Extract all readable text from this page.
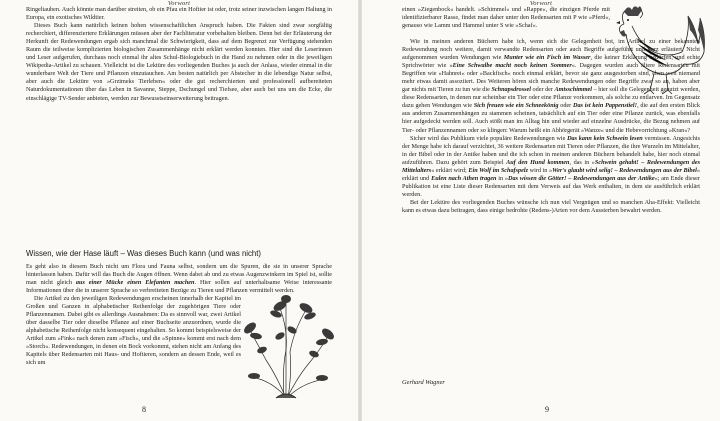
Vorwort

Ringeltauben. Auch könnte man darüber streiten, ob ein Pfau ein Hoftier ist oder, trotz seiner inzwischen langen Haltung in Europa, ein exotisches Wildtier.

Dieses Buch kann natürlich keinen hohen wissenschaftlichen Anspruch haben. Die Fakten sind zwar sorgfältig recherchiert, differenziertere Erklärungen müssen aber der Fachliteratur vorbehalten bleiben. Denn bei der Erläuterung der Herkunft der Redewendungen ergab sich manchmal die Schwierigkeit, dass auf dem Begrenzt zur Verfügung stehenden Raum die teilweise komplizierten biologischen Zusammenhänge nicht erklärt werden konnten. Hier sind die Leserinnen und Leser aufgerufen, durchaus noch einmal ihr altes Schul-Biologiebuch in die Hand zu nehmen oder in die jeweiligen Wikipedia-Artikel zu schauen. Vielleicht ist die Lektüre des vorliegenden Buches ja auch der Anlass, wieder einmal in die wunderbare Welt der Tiere und Pflanzen einzutauchen. Am besten natürlich per Abstecher in die lebendige Natur selbst, aber auch die Lektüre von »Grzimeks Tierleben« oder die gut recherchierten und professionell aufbereiteten Naturdokumentationen über das Leben in Savanne, Steppe, Dschungel und Tiefsee, aber auch bei uns um die Ecke, die einschlägige TV-Sender anbieten, werden zur Bewusstseinserweiterung beitragen.

Wissen, wie der Hase läuft – Was dieses Buch kann (und was nicht)

Es geht also in diesem Buch nicht um Flora und Fauna selbst, sondern um die Spuren, die sie in unserer Sprache hinterlassen haben. Dafür will das Buch die Augen öffnen. Wenn dabei ab und zu etwas Augenzwinkern im Spiel ist, sollte man nicht gleich aus einer Mücke einen Elefanten machen. Hier sollen auf unterhaltsame Weise interessante Informationen über die in unserer Sprache so verbreiteten Bezüge zu Tieren und Pflanzen vermittelt werden.

Die Artikel zu den jeweiligen Redewendungen erscheinen innerhalb der Kapitel im Großen und Ganzen in alphabetischer Reihenfolge der zugehörigen Tiere oder Pflanzennamen. Dabei gibt es allerdings Ausnahmen: Da es sinnvoll war, zwei Artikel über dasselbe Tier oder dieselbe Pflanze auf einer Buchseite anzuordnen, wurde die alphabetische Reihenfolge nicht konsequent eingehalten. So kommt beispielsweise der Artikel zum »Fink« nach denen zum »Fisch«, und die »Spinne« kommt erst nach dem »Storch«. Redewendungen, in denen ein Bock vorkommt, stehen nicht am Anfang des Kapitels über Redensarten mit Haus- und Hoftieren, sondern an dessen Ende, weil es sich um

8
Vorwort

einen »Ziegenbock« handelt. »Schimmel« und »Rappe«, die einzigen Pferde mit identifizierbarer Rasse, findet man daher unter den Redensarten mit P wie »Pferd«, genauso wie Lamm und Hammel unter S wie »Schaf«.

Wie in meinen anderen Büchern habe ich, wenn sich die Gelegenheit bot, im Artikel zu einer bekannten Redewendung noch weitere, damit verwandte Redensarten oder auch Begriffe aufgeführt und kurz erläutert. Nicht aufgenommen wurden Wendungen wie Munter wie ein Fisch im Wasser, die keiner Erklärung bedürfen, und echte Sprichwörter wie »Eine Schwalbe macht noch keinen Sommer«. Dagegen wurden auch ältere Redensarten mit Begriffen wie »Hahnrei« oder »Backfisch« noch einmal erklärt, bevor sie ganz ausgestorben sind, eben weil niemand mehr etwas damit assoziiert. Des Weiteren hören sich manche Redewendungen oder Begriffe zwar so an, haben aber gar nichts mit Tieren zu tun wie die Schnapsdrossel oder der Amtsschimmel – hier soll die Gelegenheit genutzt werden, diese Redensarten, in denen nur scheinbar ein Tier oder eine Pflanze vorkommen, als solche zu entlarven. Im Gegensatz dazu gehen Wendungen wie Sich freuen wie ein Schneekönig oder Das ist kein Pappenstiel!, die auf den ersten Blick aus anderen Zusammenhängen zu stammen scheinen, tatsächlich auf ein Tier oder eine Pflanze zurück, was ebenfalls hier aufgedeckt werden soll. Auch stößt man im Alltag hin und wieder auf einzelne Ausdrücke, die Bezug nehmen auf Tier- oder Pflanzennamen oder so klingen: Warum heißt ein Abhörgerät »Wanze« und die Hebevorrichtung »Kran«?

Sicher wird das Publikum viele populäre Redewendungen wie Das kann kein Schwein lesen vermissen. Angesichts der Menge habe ich darauf verzichtet, 36 weitere Redensarten mit Tieren oder Pflanzen, die ihre Wurzeln im Mittelalter, in der Bibel oder in der Antike haben und die ich schon in meinen anderen Büchern behandelt habe, hier noch einmal aufzuführen. Dazu gehört zum Beispiel Auf den Hund kommen, das in »Schwein gehabt! – Redewendungen des Mittelalters« erklärt wird; Ein Wolf im Schafspelz wird in »Wer's glaubt wird selig! – Redewendungen aus der Bibel« erklärt und Eulen nach Athen tragen in »Das wissen die Götter! – Redewendungen aus der Antike«; am Ende dieser Publikation ist eine Liste dieser Redensarten mit dem Verweis auf das Werk enthalten, in dem sie ausführlich erklärt werden.

Bei der Lektüre des vorliegenden Buches wünsche ich nun viel Vergnügen und so manchen Aha-Effekt: Vielleicht kann es etwas dazu beitragen, dass einige bedrohte (Redens-)Arten vor dem Aussterben bewahrt werden.

Gerhard Wagner
9
